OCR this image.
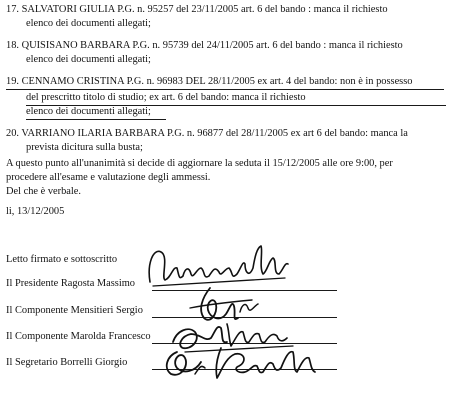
17. SALVATORI GIULIA P.G. n. 95257 del 23/11/2005 art. 6 del bando : manca il richiesto
elenco dei documenti allegati;
18. QUISISANO BARBARA P.G. n. 95739 del 24/11/2005 art. 6 del bando : manca il richiesto
elenco dei documenti allegati;
19. CENNAMO CRISTINA P.G. n. 96983 DEL 28/11/2005 ex art. 4 del bando: non è in possesso
del prescritto titolo di studio; ex art. 6 del bando: manca il richiesto
elenco dei documenti allegati;
20. VARRIANO ILARIA BARBARA P.G. n. 96877 del 28/11/2005 ex art 6 del bando: manca la
prevista dicitura sulla busta;
A questo punto all'unanimità si decide di aggiornare la seduta il 15/12/2005 alle ore 9:00, per
procedere all'esame e valutazione degli ammessi.
Del che è verbale.
li, 13/12/2005
Letto firmato e sottoscritto
Il Presidente Ragosta Massimo
Il Componente Mensitieri Sergio
Il Componente Marolda Francesco
Il Segretario Borrelli Giorgio
